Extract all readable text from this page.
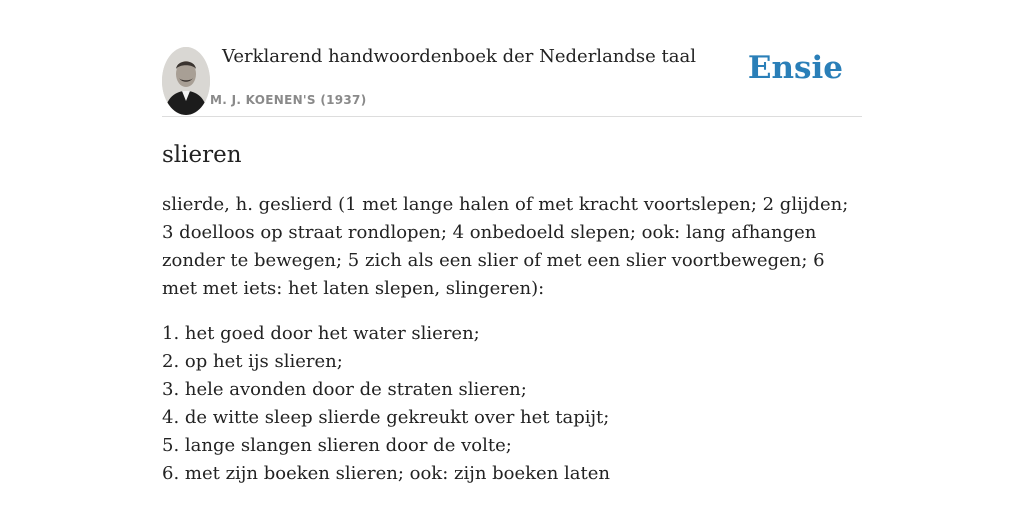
Verklarend handwoordenboek der Nederlandse taal
M. J. KOENEN'S (1937)
Ensie
slieren

slierde, h. geslierd (1 met lange halen of met kracht voortslepen; 2 glijden; 3 doelloos op straat rondlopen; 4 onbedoeld slepen; ook: lang afhangen zonder te bewegen; 5 zich als een slier of met een slier voortbewegen; 6 met met iets: het laten slepen, slingeren):

1. het goed door het water slieren;
2. op het ijs slieren;
3. hele avonden door de straten slieren;
4. de witte sleep slierde gekreukt over het tapijt;
5. lange slangen slieren door de volte;
6. met zijn boeken slieren; ook: zijn boeken laten
